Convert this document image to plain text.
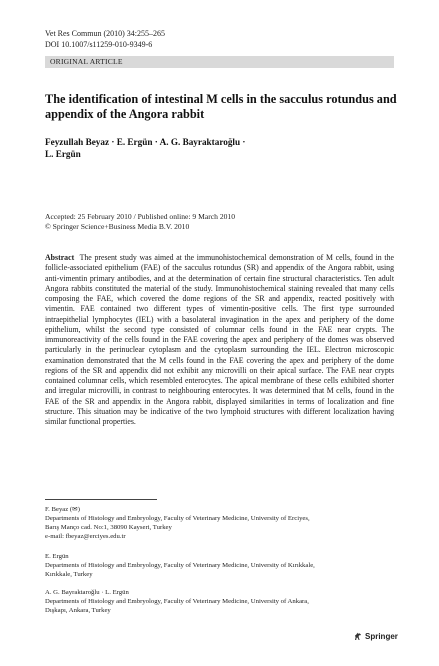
Vet Res Commun (2010) 34:255–265
DOI 10.1007/s11259-010-9349-6
ORIGINAL ARTICLE
The identification of intestinal M cells in the sacculus rotundus and appendix of the Angora rabbit
Feyzullah Beyaz · E. Ergün · A. G. Bayraktaroğlu ·
L. Ergün
Accepted: 25 February 2010 / Published online: 9 March 2010
© Springer Science+Business Media B.V. 2010
Abstract The present study was aimed at the immunohistochemical demonstration of M cells, found in the follicle-associated epithelium (FAE) of the sacculus rotundus (SR) and appendix of the Angora rabbit, using anti-vimentin primary antibodies, and at the determination of certain fine structural characteristics. Ten adult Angora rabbits constituted the material of the study. Immunohistochemical staining revealed that many cells composing the FAE, which covered the dome regions of the SR and appendix, reacted positively with vimentin. FAE contained two different types of vimentin-positive cells. The first type surrounded intraepithelial lymphocytes (IEL) with a basolateral invagination in the apex and periphery of the dome epithelium, whilst the second type consisted of columnar cells found in the FAE near crypts. The immunoreactivity of the cells found in the FAE covering the apex and periphery of the domes was observed particularly in the perinuclear cytoplasm and the cytoplasm surrounding the IEL. Electron microscopic examination demonstrated that the M cells found in the FAE covering the apex and periphery of the dome regions of the SR and appendix did not exhibit any microvilli on their apical surface. The FAE near crypts contained columnar cells, which resembled enterocytes. The apical membrane of these cells exhibited shorter and irregular microvilli, in contrast to neighbouring enterocytes. It was determined that M cells, found in the FAE of the SR and appendix in the Angora rabbit, displayed similarities in terms of localization and fine structure. This situation may be indicative of the two lymphoid structures with different localization having similar functional properties.
F. Beyaz (✉)
Departments of Histology and Embryology, Faculty of Veterinary Medicine, University of Erciyes,
Barış Manço cad. No:1, 38090 Kayseri, Turkey
e-mail: fbeyaz@erciyes.edu.tr
E. Ergün
Departments of Histology and Embryology, Faculty of Veterinary Medicine, University of Kırıkkale,
Kırıkkale, Turkey
A. G. Bayraktaroğlu · L. Ergün
Departments of Histology and Embryology, Faculty of Veterinary Medicine, University of Ankara,
Dışkapı, Ankara, Turkey
Springer
